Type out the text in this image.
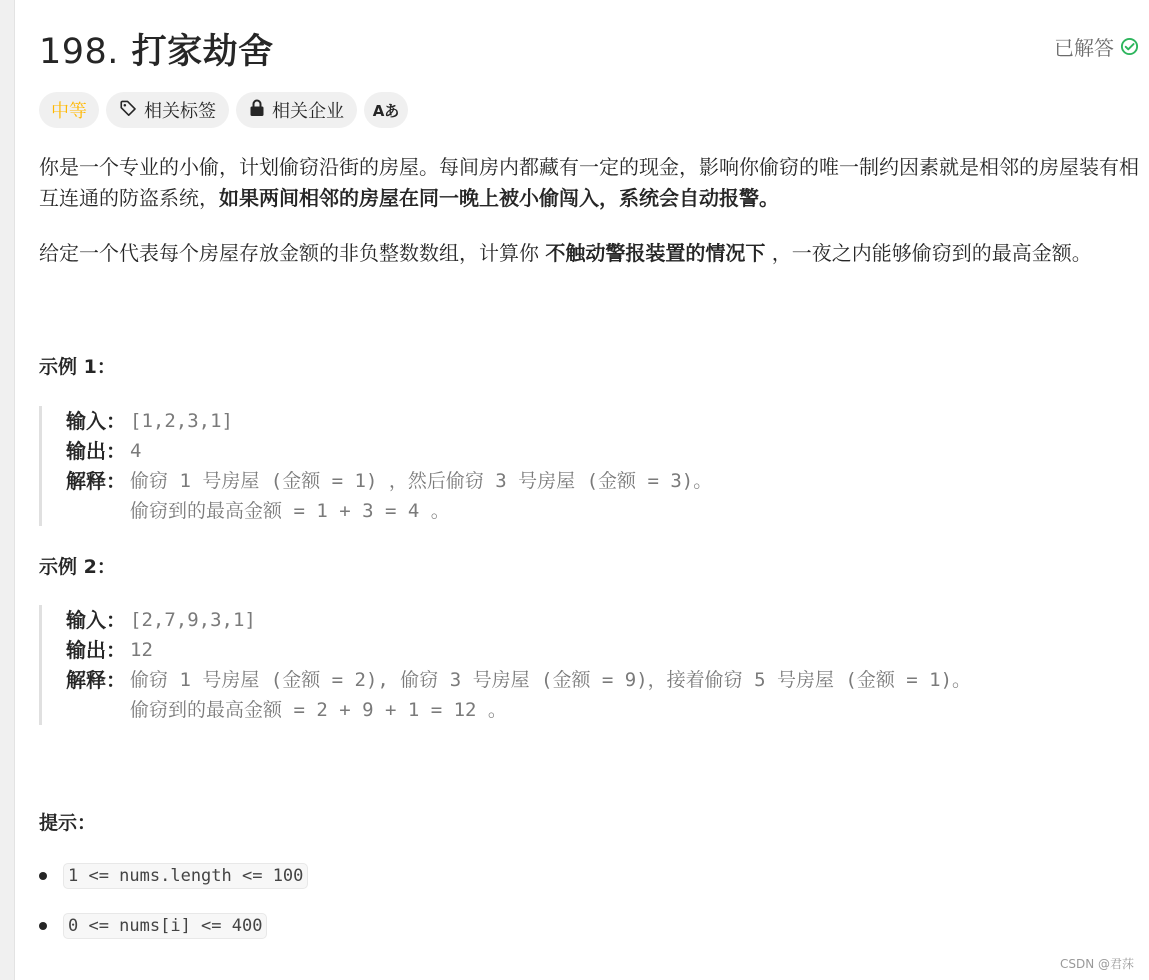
198. 打家劫舍	已解答
中等	相关标签	相关企业 Aあ

你是一个专业的小偷，计划偷窃沿街的房屋。每间房内都藏有一定的现金，影响你偷窃的唯一制约因素就是相邻的房屋装有相互连通的防盗系统，如果两间相邻的房屋在同一晚上被小偷闯入，系统会自动报警。

给定一个代表每个房屋存放金额的非负整数数组，计算你 不触动警报装置的情况下 ，一夜之内能够偷窃到的最高金额。

示例 1：
输入： [1,2,3,1]
输出： 4
解释： 偷窃 1 号房屋 (金额 = 1) ，然后偷窃 3 号房屋 (金额 = 3)。
偷窃到的最高金额 = 1 + 3 = 4 。
示例 2：
输入： [2,7,9,3,1]
输出： 12
解释： 偷窃 1 号房屋 (金额 = 2), 偷窃 3 号房屋 (金额 = 9)，接着偷窃 5 号房屋 (金额 = 1)。
偷窃到的最高金额 = 2 + 9 + 1 = 12 。
提示：
1 <= nums.length <= 100
0 <= nums[i] <= 400
CSDN @君莯
